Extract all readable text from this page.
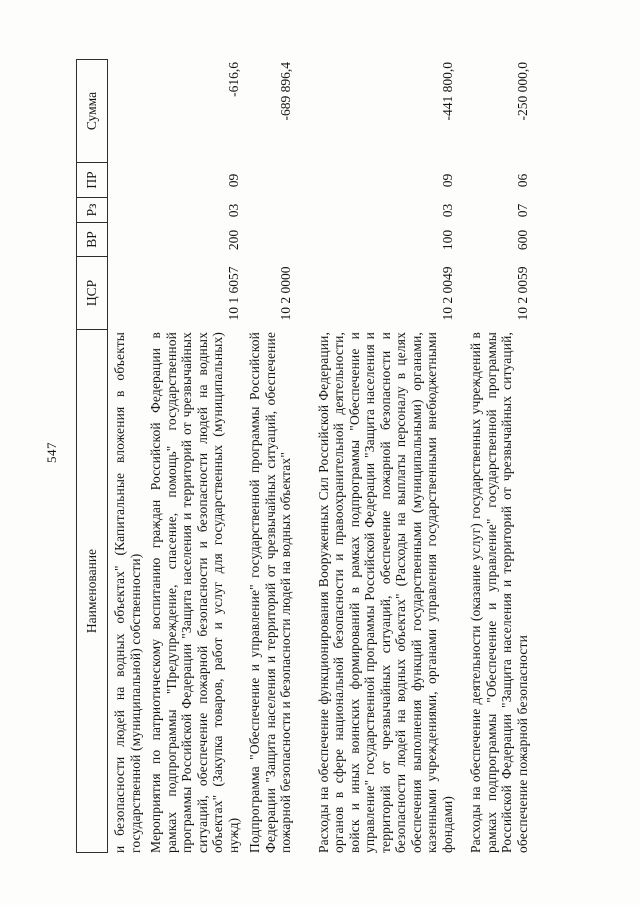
547
Наименование
ЦСР
ВР
Рз
ПР
Сумма
и безопасности людей на водных объектах" (Капитальные вложения в объекты государственной (муниципальной) собственности) Мероприятия по патриотическому воспитанию граждан Российской Федерации в рамках подпрограммы "Предупреждение, спасение, помощь" государственной программы Российской Федерации "Защита населения и территорий от чрезвычайных ситуаций, обеспечение пожарной безопасности и безопасности людей на водных объектах" (Закупка товаров, работ и услуг для государственных (муниципальных) нужд)
10 1 6057
200
03
09
-616,6
Подпрограмма "Обеспечение и управление" государственной программы Российской Федерации "Защита населения и территорий от чрезвычайных ситуаций, обеспечение пожарной безопасности и безопасности людей на водных объектах"
10 2 0000
-689 896,4
Расходы на обеспечение функционирования Вооруженных Сил Российской Федерации, органов в сфере национальной безопасности и правоохранительной деятельности, войск и иных воинских формирований в рамках подпрограммы "Обеспечение и управление" государственной программы Российской Федерации "Защита населения и территорий от чрезвычайных ситуаций, обеспечение пожарной безопасности и безопасности людей на водных объектах" (Расходы на выплаты персоналу в целях обеспечения выполнения функций государственными (муниципальными) органами, казенными учреждениями, органами управления государственными внебюджетными фондами)
10 2 0049
100
03
09
-441 800,0
Расходы на обеспечение деятельности (оказание услуг) государственных учреждений в рамках подпрограммы "Обеспечение и управление" государственной программы Российской Федерации "Защита населения и территорий от чрезвычайных ситуаций, обеспечение пожарной безопасности
10 2 0059
600
07
06
-250 000,0
